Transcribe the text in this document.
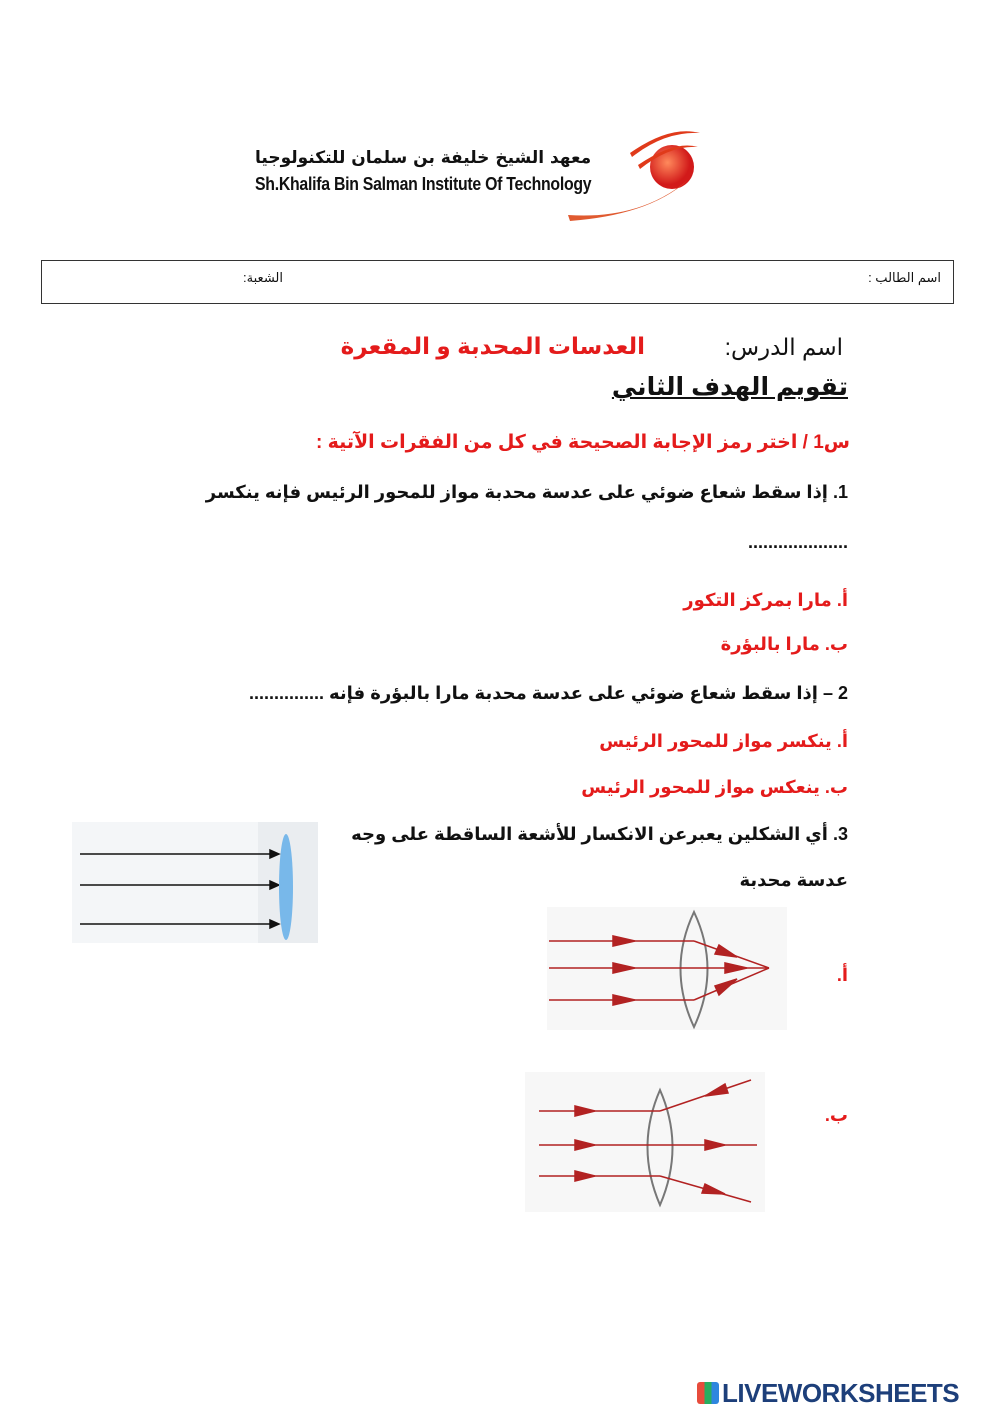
معهد الشيخ خليفة بن سلمان للتكنولوجيا
Sh.Khalifa Bin Salman Institute Of Technology
اسم الطالب :
الشعبة:
اسم الدرس:
العدسات المحدبة و المقعرة
تقويم الهدف الثاني
س1 / اختر رمز الإجابة الصحيحة في كل من الفقرات الآتية :
1. إذا سقط شعاع ضوئي على عدسة محدبة مواز للمحور الرئيس فإنه ينكسر
....................
أ. مارا بمركز التكور
ب. مارا بالبؤرة
2 – إذا سقط شعاع ضوئي على عدسة محدبة مارا بالبؤرة فإنه ...............
أ. ينكسر مواز للمحور الرئيس
ب. ينعكس مواز للمحور الرئيس
3. أي الشكلين يعبرعن الانكسار للأشعة الساقطة على وجه
عدسة محدبة
أ.
ب.
LIVEWORKSHEETS
